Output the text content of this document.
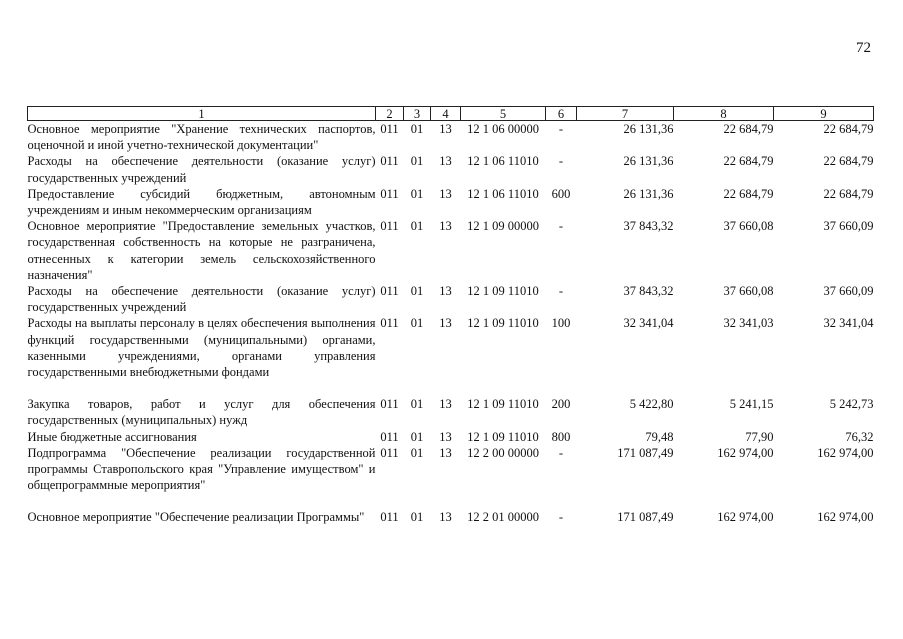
72
1	2	3	4	5	6	7	8	9
Основное мероприятие "Хранение технических паспортов, оценочной и иной учетно-технической документации"	011	01	13	12 1 06 00000	-	26 131,36	22 684,79	22 684,79
Расходы на обеспечение деятельности (оказание услуг) государственных учреждений	011	01	13	12 1 06 11010	-	26 131,36	22 684,79	22 684,79
Предоставление субсидий бюджетным, автономным учреждениям и иным некоммерческим организациям	011	01	13	12 1 06 11010	600	26 131,36	22 684,79	22 684,79
Основное мероприятие "Предоставление земельных участков, государственная собственность на которые не разграничена, отнесенных к категории земель сельскохозяйственного назначения"	011	01	13	12 1 09 00000	-	37 843,32	37 660,08	37 660,09
Расходы на обеспечение деятельности (оказание услуг) государственных учреждений	011	01	13	12 1 09 11010	-	37 843,32	37 660,08	37 660,09
Расходы на выплаты персоналу в целях обеспечения выполнения функций государственными (муниципальными) органами, казенными учреждениями, органами управления государственными внебюджетными фондами	011	01	13	12 1 09 11010	100	32 341,04	32 341,03	32 341,04

Закупка товаров, работ и услуг для обеспечения государственных (муниципальных) нужд	011	01	13	12 1 09 11010	200	5 422,80	5 241,15	5 242,73
Иные бюджетные ассигнования	011	01	13	12 1 09 11010	800	79,48	77,90	76,32
Подпрограмма "Обеспечение реализации государственной программы Ставропольского края "Управление имуществом" и общепрограммные мероприятия"	011	01	13	12 2 00 00000	-	171 087,49	162 974,00	162 974,00

Основное мероприятие "Обеспечение реализации Программы"	011	01	13	12 2 01 00000	-	171 087,49	162 974,00	162 974,00
